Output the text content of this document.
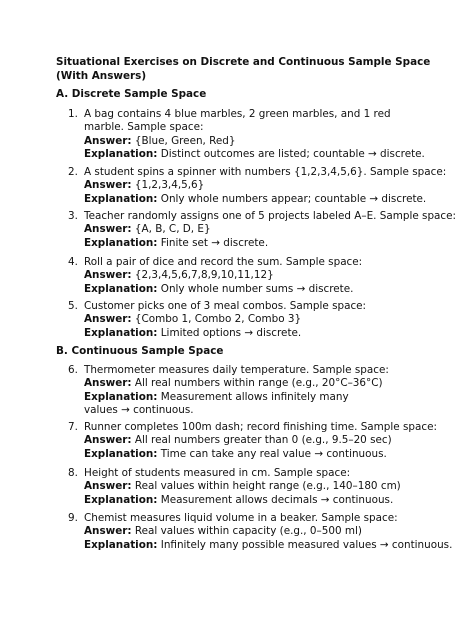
Situational Exercises on Discrete and Continuous Sample Space (With Answers)
A. Discrete Sample Space
1. A bag contains 4 blue marbles, 2 green marbles, and 1 red marble. Sample space:
Answer: {Blue, Green, Red}
Explanation: Distinct outcomes are listed; countable → discrete.
2. A student spins a spinner with numbers {1,2,3,4,5,6}. Sample space:
Answer: {1,2,3,4,5,6}
Explanation: Only whole numbers appear; countable → discrete.
3. Teacher randomly assigns one of 5 projects labeled A–E. Sample space:
Answer: {A, B, C, D, E}
Explanation: Finite set → discrete.
4. Roll a pair of dice and record the sum. Sample space:
Answer: {2,3,4,5,6,7,8,9,10,11,12}
Explanation: Only whole number sums → discrete.
5. Customer picks one of 3 meal combos. Sample space:
Answer: {Combo 1, Combo 2, Combo 3}
Explanation: Limited options → discrete.
B. Continuous Sample Space
6. Thermometer measures daily temperature. Sample space:
Answer: All real numbers within range (e.g., 20°C–36°C)
Explanation: Measurement allows infinitely many values → continuous.
7. Runner completes 100m dash; record finishing time. Sample space:
Answer: All real numbers greater than 0 (e.g., 9.5–20 sec)
Explanation: Time can take any real value → continuous.
8. Height of students measured in cm. Sample space:
Answer: Real values within height range (e.g., 140–180 cm)
Explanation: Measurement allows decimals → continuous.
9. Chemist measures liquid volume in a beaker. Sample space:
Answer: Real values within capacity (e.g., 0–500 ml)
Explanation: Infinitely many possible measured values → continuous.
